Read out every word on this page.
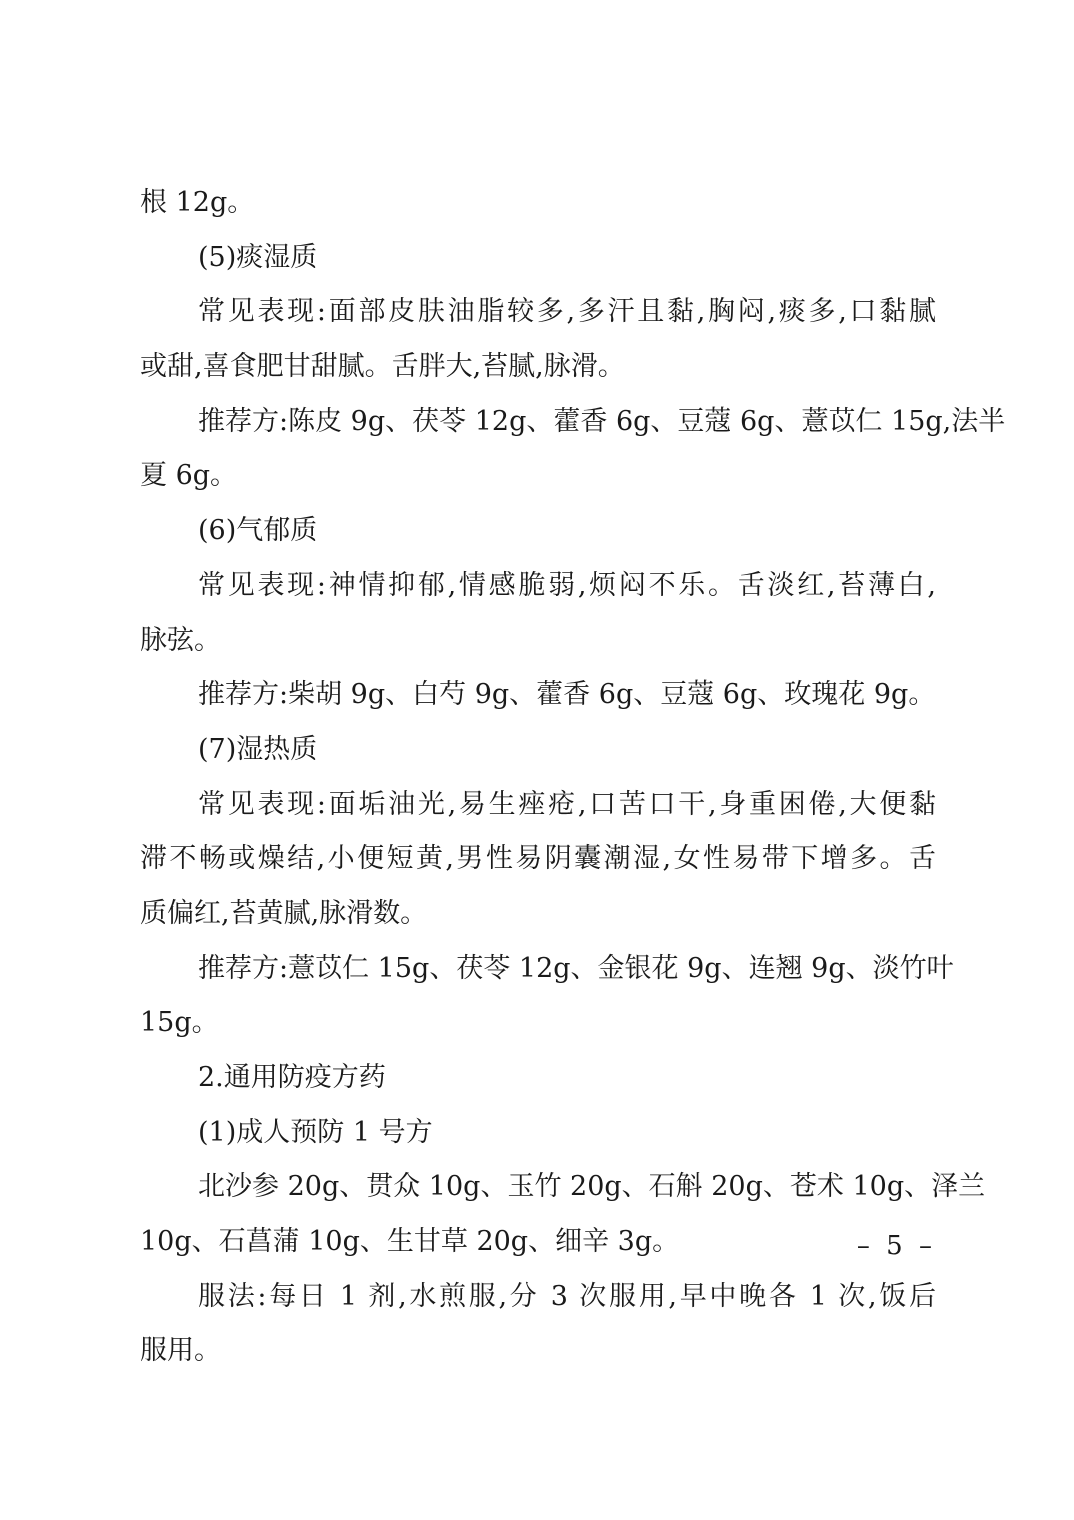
根 12g。
(5)痰湿质
常见表现:面部皮肤油脂较多,多汗且黏,胸闷,痰多,口黏腻
或甜,喜食肥甘甜腻。舌胖大,苔腻,脉滑。
推荐方:陈皮 9g、茯苓 12g、藿香 6g、豆蔻 6g、薏苡仁 15g,法半
夏 6g。
(6)气郁质
常见表现:神情抑郁,情感脆弱,烦闷不乐。舌淡红,苔薄白,
脉弦。
推荐方:柴胡 9g、白芍 9g、藿香 6g、豆蔻 6g、玫瑰花 9g。
(7)湿热质
常见表现:面垢油光,易生痤疮,口苦口干,身重困倦,大便黏
滞不畅或燥结,小便短黄,男性易阴囊潮湿,女性易带下增多。舌
质偏红,苔黄腻,脉滑数。
推荐方:薏苡仁 15g、茯苓 12g、金银花 9g、连翘 9g、淡竹叶
15g。
2.通用防疫方药
(1)成人预防 1 号方
北沙参 20g、贯众 10g、玉竹 20g、石斛 20g、苍术 10g、泽兰
10g、石菖蒲 10g、生甘草 20g、细辛 3g。
服法:每日 1 剂,水煎服,分 3 次服用,早中晚各 1 次,饭后
服用。
– 5 –
